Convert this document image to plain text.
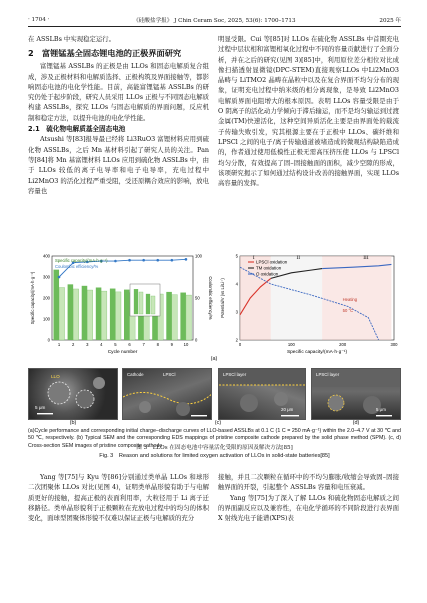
· 1704 ·	《硅酸盐学报》 J Chin Ceram Soc, 2025, 53(6): 1700–1713	2025 年

在 ASSLBs 中实现稳定运行。

2　富锂锰基全固态锂电池的正极界面研究

富锂锰基 ASSLBs 的正极是由 LLOs 和固态电解质复合组成，涉及正极材料和电解质选择、正极构筑及界面接触等，都影响固态电池的电化学性能。目前，高能富锂锰基 ASSLBs 的研究仍处于起步阶段，研究人员采用 LLOs 正极与不同固态电解质构建 ASSLBs，探究 LLOs 与固态电解质的界面问题，反应机制和稳定方法，以提升电池的电化学性能。

2.1　硫化物电解质基全固态电池

Atsushi 等[83]报导最已经将 Li3RuO3 富锂材料应用到硫化物 ASSLBs，之后 Mn 基材料引起了研究人员的关注。Pan 等[84]将 Mn 基富锂材料 LLOs 应用到硫化物 ASSLBs 中，由于 LLOs 较低的离子电导率和电子电导率，充电过程中 Li2MnO3 的活化过程严重受阻，受还原耦合效应的影响，放电容量也

明显受限。Cui 等[85]对 LLOs 在硫化物 ASSLBs 中首圈充电过程中层状相和富锂相氧化过程中不同的容量贡献进行了全面分析，并在之后的研究(见图 3)[85]中，利用原位差分相位对比成像扫描透射显微镜(DPC-STEM)直接观察LLOs 中Li2MnO3 晶畴与 LiTMO2 晶畴在晶粒中以及在复合界面不均匀分布的现象，证明充电过程中纳米级的相分离现象，是导致 Li2MnO3 电解质界面电阻增大的根本原因。表明 LLOs 容量受限是由于 O 阴离子的活化动力学倾向于滞后输运，而不是均匀输运到过渡金属(TM)快速活化，这种空间异质活化主要是由界面处的载流子传输失败引发，究其根源主要在于正极中 LLOs、碳纤维和 LPSCl 之间的电子/离子传输通道被堵造成的微观结构缺陷造成的，作者通过使用低模性正极无需高压挤压使 LLOs 与 LPSCl 均匀分散，有效提高了固–固接触面的面积，减少空隙的形成，该项研究揭示了如何通过结构设计改善的接触界面，实现 LLOs 高容量的发挥。

1	2	3	4	5	6	7	8	9	10
0
100
200
300
400
0
50
100
Cycle number
Specific capacity/(mA·h·g⁻¹)	Coulombic efficiency/%
Specific capacity/(mA·h·g⁻¹)
Coulombic efficiency/%
LPSCl oxidation
TM oxidation
O oxidation
2
3
4
5
0	100	200	300
Specific capacity/(mA·h·g⁻¹)
Potential/V (vs Li/Li⁺)
I	II	III
Heating
50 °C
(a)
5 μm
LLO	Cathode	LPSCl
20 μm
LPSCl layer
5 μm
LPSCl layer
(b)	(c)	(d)
(a)Cycle performance and corresponding initial charge–discharge curves of LLO-based ASSLBs at 0.1 C (1 C = 250 mA·g⁻¹) within the 2.0–4.7 V at 30 ℃ and 50 ℃, respectively. (b) Typical SEM and the corresponding EDS mappings of pristine composite cathode prepared by the solid phase method (SPM). (c, d) Cross-section SEM images of pristine composite cathode
图 3　LLOs 在固态电池中容量活化受限的原因及解决方法[85]
Fig. 3　Reason and solutions for limited oxygen activation of LLOs in solid-state batteries[85]

Yang 等[75]与 Kyu 等[86]分别通过类单晶 LLOs 和球形二次团聚体 LLOs 对比(见图 4)，证明类单晶形貌有助于与电解质更好的接触，提高正极的表面利用率，大粒径用于 Li 离子迁移路径。类单晶形貌利于正极颗粒在充放电过程中的均匀的体积变化，面球型团聚体形貌不仅难以保证正极与电解质的充分

接触，并且二次颗粒在循环中的不均匀膨胀/收缩会导致固–固接触界面的开裂，引起整个 ASSLBs 容量和电压衰减。

Yang 等[75]为了深入了解 LLOs 和硫化物固态电解质之间的界面副反应以及兼容性，在电化学循环的不同阶段进行表界面 X 射线光电子能谱(XPS)表
